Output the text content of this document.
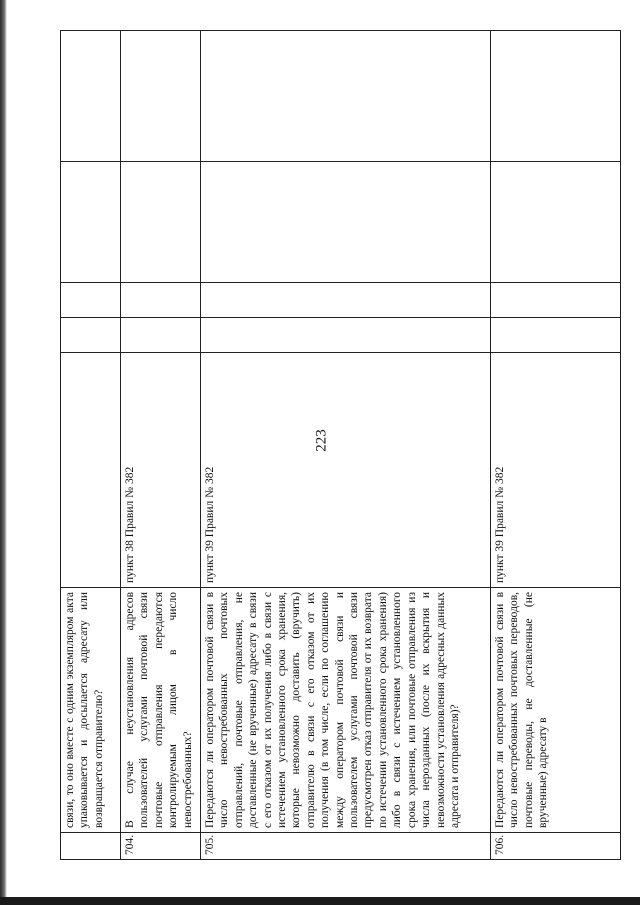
223
	связи, то оно вместе с одним экземпляром акта упаковывается и досылается адресату или возвращается отправителю?					
704.	В случае неустановления адресов пользователей услугами почтовой связи почтовые отправления передаются контролируемым лицом в число невостребованных?	пункт 38 Правил № 382				
705.	Передаются ли оператором почтовой связи в число невостребованных почтовых отправлений, почтовые отправления, не доставленные (не врученные) адресату в связи с его отказом от их получения либо в связи с истечением установленного срока хранения, которые невозможно доставить (вручить) отправителю в связи с его отказом от их получения (в том числе, если по соглашению между оператором почтовой связи и пользователем услугами почтовой связи предусмотрен отказ отправителя от их возврата по истечении установленного срока хранения) либо в связи с истечением установленного срока хранения, или почтовые отправления из числа нерозданных (после их вскрытия и невозможности установления адресных данных адресата и отправителя)?	пункт 39 Правил № 382				
706.	Передаются ли оператором почтовой связи в число невостребованных почтовых переводов, почтовые переводы, не доставленные (не врученные) адресату в	пункт 39 Правил № 382				
